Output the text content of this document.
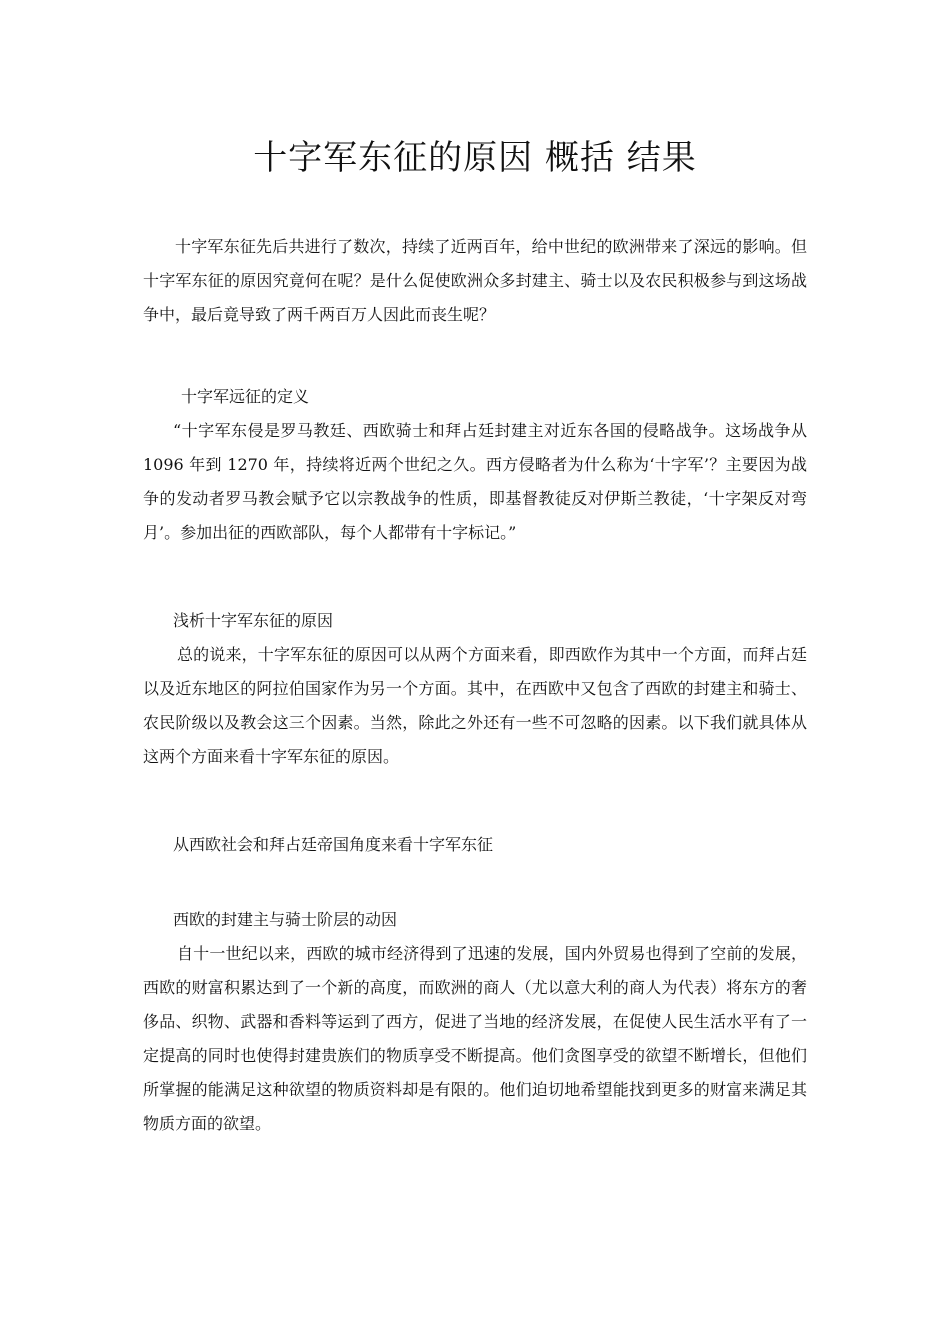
十字军东征的原因 概括 结果

十字军东征先后共进行了数次，持续了近两百年，给中世纪的欧洲带来了深远的影响。但十字军东征的原因究竟何在呢？是什么促使欧洲众多封建主、骑士以及农民积极参与到这场战争中，最后竟导致了两千两百万人因此而丧生呢？

十字军远征的定义

“十字军东侵是罗马教廷、西欧骑士和拜占廷封建主对近东各国的侵略战争。这场战争从 1096 年到 1270 年，持续将近两个世纪之久。西方侵略者为什么称为‘十字军’？主要因为战争的发动者罗马教会赋予它以宗教战争的性质，即基督教徒反对伊斯兰教徒，‘十字架反对弯月’。参加出征的西欧部队，每个人都带有十字标记。”

浅析十字军东征的原因

总的说来，十字军东征的原因可以从两个方面来看，即西欧作为其中一个方面，而拜占廷以及近东地区的阿拉伯国家作为另一个方面。其中，在西欧中又包含了西欧的封建主和骑士、农民阶级以及教会这三个因素。当然，除此之外还有一些不可忽略的因素。以下我们就具体从这两个方面来看十字军东征的原因。

从西欧社会和拜占廷帝国角度来看十字军东征
西欧的封建主与骑士阶层的动因

自十一世纪以来，西欧的城市经济得到了迅速的发展，国内外贸易也得到了空前的发展，西欧的财富积累达到了一个新的高度，而欧洲的商人（尤以意大利的商人为代表）将东方的奢侈品、织物、武器和香料等运到了西方，促进了当地的经济发展，在促使人民生活水平有了一定提高的同时也使得封建贵族们的物质享受不断提高。他们贪图享受的欲望不断增长，但他们所掌握的能满足这种欲望的物质资料却是有限的。他们迫切地希望能找到更多的财富来满足其物质方面的欲望。
